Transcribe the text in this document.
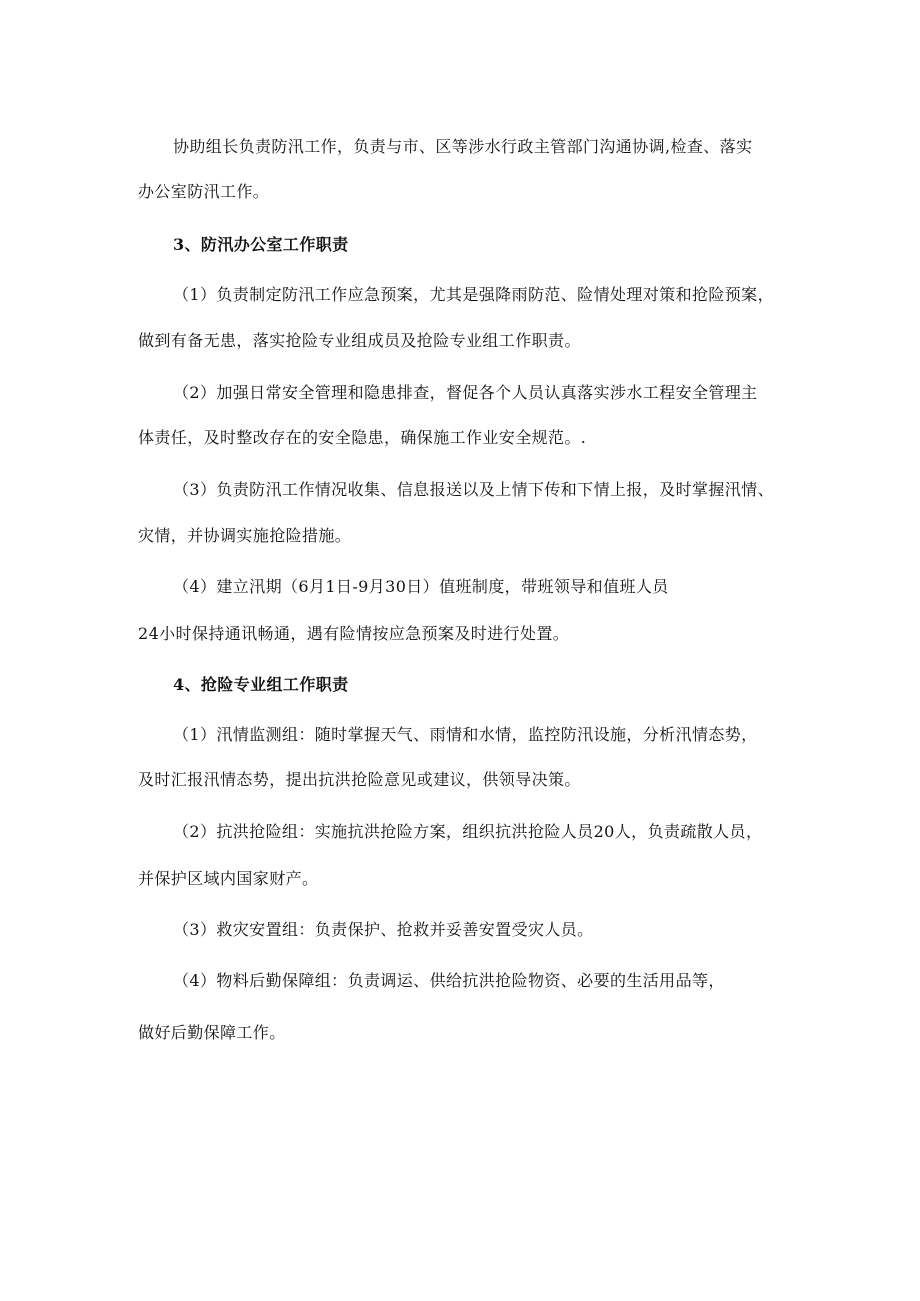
协助组长负责防汛工作，负责与市、区等涉水行政主管部门沟通协调,检查、落实
办公室防汛工作。
3、防汛办公室工作职责
（1）负责制定防汛工作应急预案，尤其是强降雨防范、险情处理对策和抢险预案，
做到有备无患，落实抢险专业组成员及抢险专业组工作职责。
（2）加强日常安全管理和隐患排查，督促各个人员认真落实涉水工程安全管理主
体责任，及时整改存在的安全隐患，确保施工作业安全规范。.
（3）负责防汛工作情况收集、信息报送以及上情下传和下情上报，及时掌握汛情、
灾情，并协调实施抢险措施。
（4）建立汛期（6月1日-9月30日）值班制度，带班领导和值班人员
24小时保持通讯畅通，遇有险情按应急预案及时进行处置。
4、抢险专业组工作职责
（1）汛情监测组：随时掌握天气、雨情和水情，监控防汛设施，分析汛情态势，
及时汇报汛情态势，提出抗洪抢险意见或建议，供领导决策。
（2）抗洪抢险组：实施抗洪抢险方案，组织抗洪抢险人员20人，负责疏散人员，
并保护区域内国家财产。
（3）救灾安置组：负责保护、抢救并妥善安置受灾人员。
（4）物料后勤保障组：负责调运、供给抗洪抢险物资、必要的生活用品等，
做好后勤保障工作。
